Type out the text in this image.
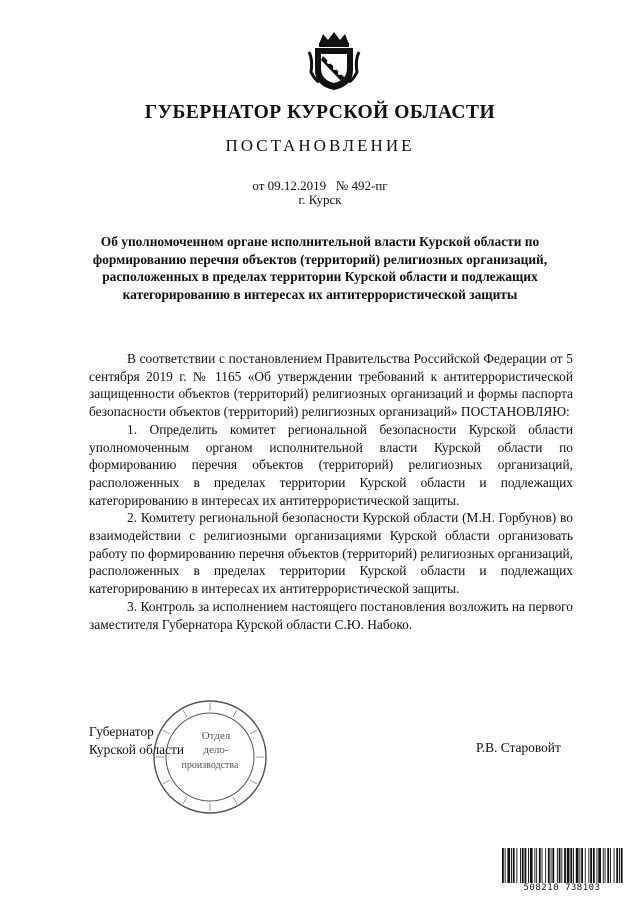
ГУБЕРНАТОР КУРСКОЙ ОБЛАСТИ
ПОСТАНОВЛЕНИЕ
от 09.12.2019   № 492-пг
г. Курск
Об уполномоченном органе исполнительной власти Курской области по формированию перечня объектов (территорий) религиозных организаций, расположенных в пределах территории Курской области и подлежащих категорированию в интересах их антитеррористической защиты

В соответствии с постановлением Правительства Российской Федерации от 5 сентября 2019 г. № 1165 «Об утверждении требований к антитеррористической защищенности объектов (территорий) религиозных организаций и формы паспорта безопасности объектов (территорий) религиозных организаций» ПОСТАНОВЛЯЮ:

1. Определить комитет региональной безопасности Курской области уполномоченным органом исполнительной власти Курской области по формированию перечня объектов (территорий) религиозных организаций, расположенных в пределах территории Курской области и подлежащих категорированию в интересах их антитеррористической защиты.

2. Комитету региональной безопасности Курской области (М.Н. Горбунов) во взаимодействии с религиозными организациями Курской области организовать работу по формированию перечня объектов (территорий) религиозных организаций, расположенных в пределах территории Курской области и подлежащих категорированию в интересах их антитеррористической защиты.

3. Контроль за исполнением настоящего постановления возложить на первого заместителя Губернатора Курской области С.Ю. Набоко.

Губернатор
Курской области	Р.В. Старовойт
Отдел
дело-
производства
508210 738103
